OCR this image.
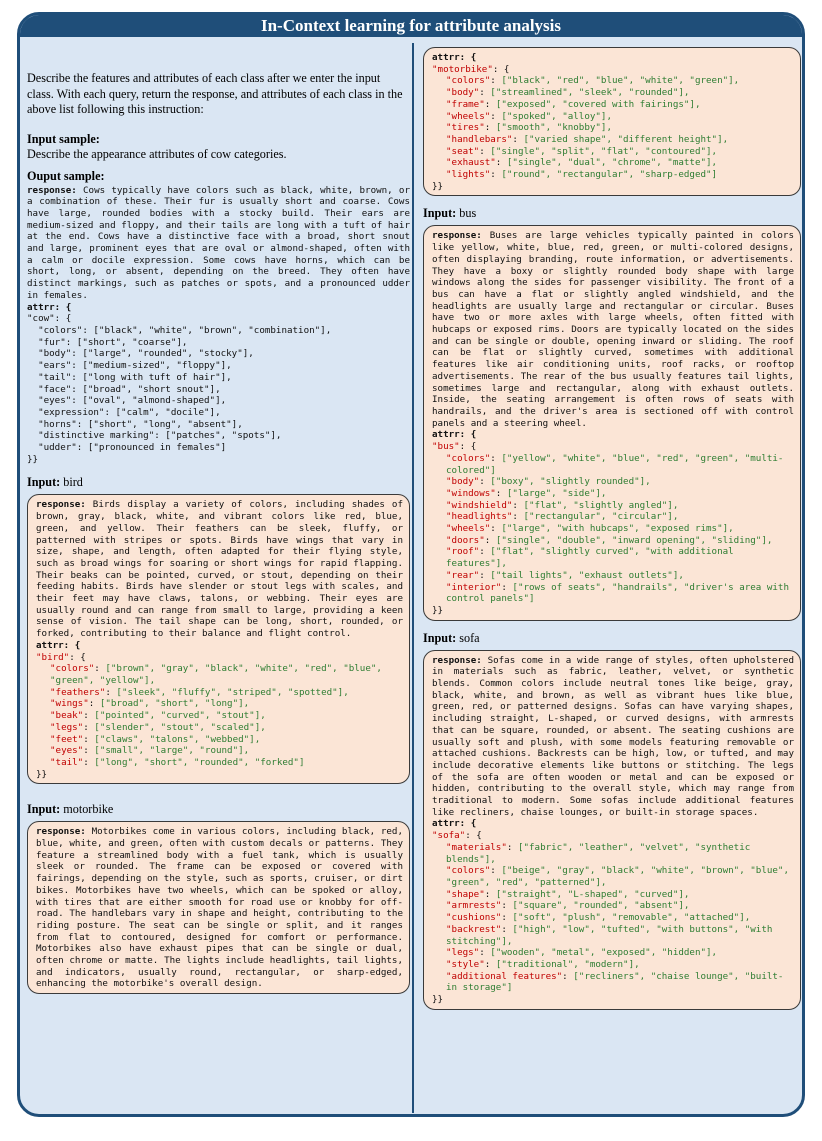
In-Context learning for attribute analysis

Describe the features and attributes of each class after we enter the input class. With each query, return the response, and attributes of each class in the above list following this instruction:

Input sample:

Describe the appearance attributes of cow categories.

Ouput sample:

response: Cows typically have colors such as black, white, brown, or a combination of these. Their fur is usually short and coarse. Cows have large, rounded bodies with a stocky build. Their ears are medium-sized and floppy, and their tails are long with a tuft of hair at the end. Cows have a distinctive face with a broad, short snout and large, prominent eyes that are oval or almond-shaped, often with a calm or docile expression. Some cows have horns, which can be short, long, or absent, depending on the breed. They often have distinct markings, such as patches or spots, and a pronounced udder in females.
attrr: {
"cow": {
"colors": ["black", "white", "brown", "combination"],
"fur": ["short", "coarse"],
"body": ["large", "rounded", "stocky"],
"ears": ["medium-sized", "floppy"],
"tail": ["long with tuft of hair"],
"face": ["broad", "short snout"],
"eyes": ["oval", "almond-shaped"],
"expression": ["calm", "docile"],
"horns": ["short", "long", "absent"],
"distinctive marking": ["patches", "spots"],
"udder": ["pronounced in females"]
}}
Input: bird
response: Birds display a variety of colors, including shades of brown, gray, black, white, and vibrant colors like red, blue, green, and yellow. Their feathers can be sleek, fluffy, or patterned with stripes or spots. Birds have wings that vary in size, shape, and length, often adapted for their flying style, such as broad wings for soaring or short wings for rapid flapping. Their beaks can be pointed, curved, or stout, depending on their feeding habits. Birds have slender or stout legs with scales, and their feet may have claws, talons, or webbing. Their eyes are usually round and can range from small to large, providing a keen sense of vision. The tail shape can be long, short, rounded, or forked, contributing to their balance and flight control.
attrr: {
"bird": {
"colors": ["brown", "gray", "black", "white", "red", "blue", "green", "yellow"],
"feathers": ["sleek", "fluffy", "striped", "spotted"],
"wings": ["broad", "short", "long"],
"beak": ["pointed", "curved", "stout"],
"legs": ["slender", "stout", "scaled"],
"feet": ["claws", "talons", "webbed"],
"eyes": ["small", "large", "round"],
"tail": ["long", "short", "rounded", "forked"]
}}
Input: motorbike
response: Motorbikes come in various colors, including black, red, blue, white, and green, often with custom decals or patterns. They feature a streamlined body with a fuel tank, which is usually sleek or rounded. The frame can be exposed or covered with fairings, depending on the style, such as sports, cruiser, or dirt bikes. Motorbikes have two wheels, which can be spoked or alloy, with tires that are either smooth for road use or knobby for off-road. The handlebars vary in shape and height, contributing to the riding posture. The seat can be single or split, and it ranges from flat to contoured, designed for comfort or performance. Motorbikes also have exhaust pipes that can be single or dual, often chrome or matte. The lights include headlights, tail lights, and indicators, usually round, rectangular, or sharp-edged, enhancing the motorbike's overall design.
attrr: {
"motorbike": {
"colors": ["black", "red", "blue", "white", "green"],
"body": ["streamlined", "sleek", "rounded"],
"frame": ["exposed", "covered with fairings"],
"wheels": ["spoked", "alloy"],
"tires": ["smooth", "knobby"],
"handlebars": ["varied shape", "different height"],
"seat": ["single", "split", "flat", "contoured"],
"exhaust": ["single", "dual", "chrome", "matte"],
"lights": ["round", "rectangular", "sharp-edged"]
}}
Input: bus
response: Buses are large vehicles typically painted in colors like yellow, white, blue, red, green, or multi-colored designs, often displaying branding, route information, or advertisements. They have a boxy or slightly rounded body shape with large windows along the sides for passenger visibility. The front of a bus can have a flat or slightly angled windshield, and the headlights are usually large and rectangular or circular. Buses have two or more axles with large wheels, often fitted with hubcaps or exposed rims. Doors are typically located on the sides and can be single or double, opening inward or sliding. The roof can be flat or slightly curved, sometimes with additional features like air conditioning units, roof racks, or rooftop advertisements. The rear of the bus usually features tail lights, sometimes large and rectangular, along with exhaust outlets. Inside, the seating arrangement is often rows of seats with handrails, and the driver's area is sectioned off with control panels and a steering wheel.
attrr: {
"bus": {
"colors": ["yellow", "white", "blue", "red", "green", "multi-colored"]
"body": ["boxy", "slightly rounded"],
"windows": ["large", "side"],
"windshield": ["flat", "slightly angled"],
"headlights": ["rectangular", "circular"],
"wheels": ["large", "with hubcaps", "exposed rims"],
"doors": ["single", "double", "inward opening", "sliding"],
"roof": ["flat", "slightly curved", "with additional features"],
"rear": ["tail lights", "exhaust outlets"],
"interior": ["rows of seats", "handrails", "driver's area with control panels"]
}}
Input: sofa
response: Sofas come in a wide range of styles, often upholstered in materials such as fabric, leather, velvet, or synthetic blends. Common colors include neutral tones like beige, gray, black, white, and brown, as well as vibrant hues like blue, green, red, or patterned designs. Sofas can have varying shapes, including straight, L-shaped, or curved designs, with armrests that can be square, rounded, or absent. The seating cushions are usually soft and plush, with some models featuring removable or attached cushions. Backrests can be high, low, or tufted, and may include decorative elements like buttons or stitching. The legs of the sofa are often wooden or metal and can be exposed or hidden, contributing to the overall style, which may range from traditional to modern. Some sofas include additional features like recliners, chaise lounges, or built-in storage spaces.
attrr: {
"sofa": {
"materials": ["fabric", "leather", "velvet", "synthetic blends"],
"colors": ["beige", "gray", "black", "white", "brown", "blue", "green", "red", "patterned"],
"shape": ["straight", "L-shaped", "curved"],
"armrests": ["square", "rounded", "absent"],
"cushions": ["soft", "plush", "removable", "attached"],
"backrest": ["high", "low", "tufted", "with buttons", "with stitching"],
"legs": ["wooden", "metal", "exposed", "hidden"],
"style": ["traditional", "modern"],
"additional features": ["recliners", "chaise lounge", "built-in storage"]
}}
